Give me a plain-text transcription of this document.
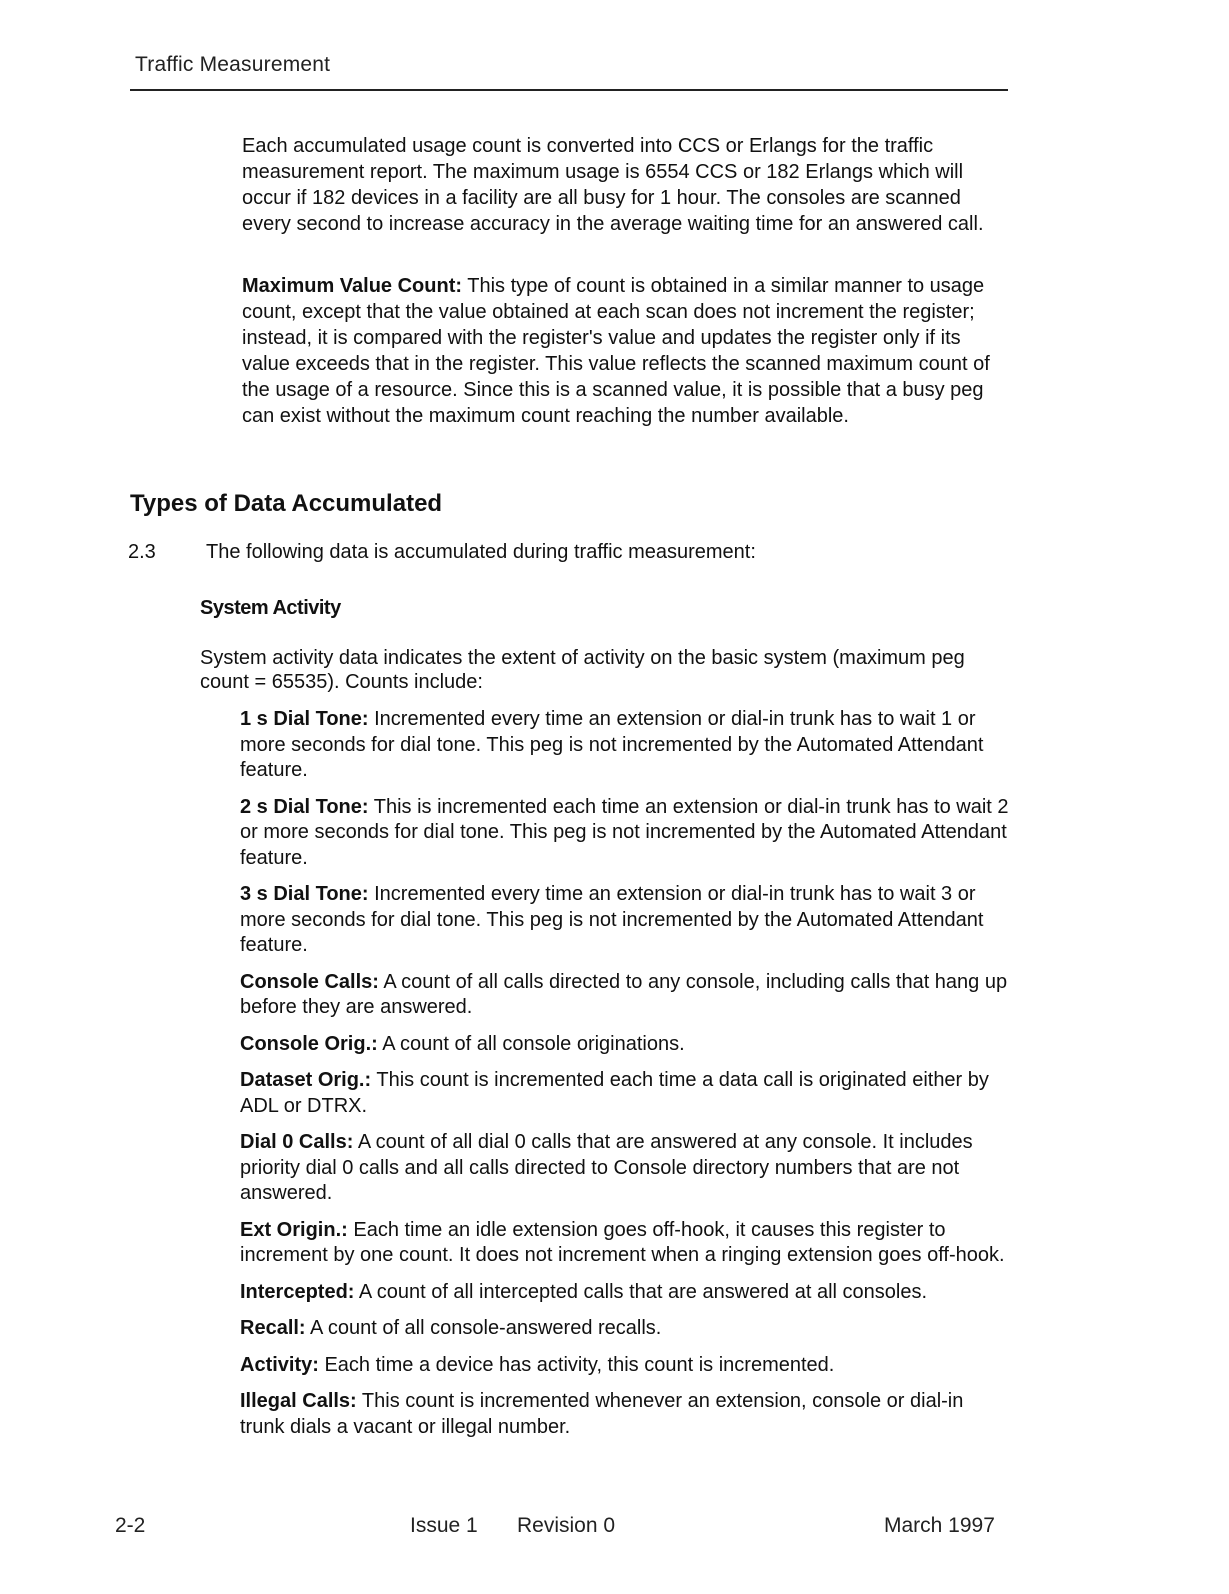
Traffic Measurement

Each accumulated usage count is converted into CCS or Erlangs for the traffic measurement report. The maximum usage is 6554 CCS or 182 Erlangs which will occur if 182 devices in a facility are all busy for 1 hour. The consoles are scanned every second to increase accuracy in the average waiting time for an answered call.

Maximum Value Count: This type of count is obtained in a similar manner to usage count, except that the value obtained at each scan does not increment the register; instead, it is compared with the register's value and updates the register only if its value exceeds that in the register. This value reflects the scanned maximum count of the usage of a resource. Since this is a scanned value, it is possible that a busy peg can exist without the maximum count reaching the number available.

Types of Data Accumulated
2.3	The following data is accumulated during traffic measurement:
System Activity

System activity data indicates the extent of activity on the basic system (maximum peg count = 65535). Counts include:

1 s Dial Tone: Incremented every time an extension or dial-in trunk has to wait 1 or more seconds for dial tone. This peg is not incremented by the Automated Attendant feature.
2 s Dial Tone: This is incremented each time an extension or dial-in trunk has to wait 2 or more seconds for dial tone. This peg is not incremented by the Automated Attendant feature.
3 s Dial Tone: Incremented every time an extension or dial-in trunk has to wait 3 or more seconds for dial tone. This peg is not incremented by the Automated Attendant feature.
Console Calls: A count of all calls directed to any console, including calls that hang up before they are answered.
Console Orig.: A count of all console originations.
Dataset Orig.: This count is incremented each time a data call is originated either by ADL or DTRX.
Dial 0 Calls: A count of all dial 0 calls that are answered at any console. It includes priority dial 0 calls and all calls directed to Console directory numbers that are not answered.
Ext Origin.: Each time an idle extension goes off-hook, it causes this register to increment by one count. It does not increment when a ringing extension goes off-hook.
Intercepted: A count of all intercepted calls that are answered at all consoles.
Recall: A count of all console-answered recalls.
Activity: Each time a device has activity, this count is incremented.
Illegal Calls: This count is incremented whenever an extension, console or dial-in trunk dials a vacant or illegal number.
2-2	Issue 1 Revision 0	March 1997
